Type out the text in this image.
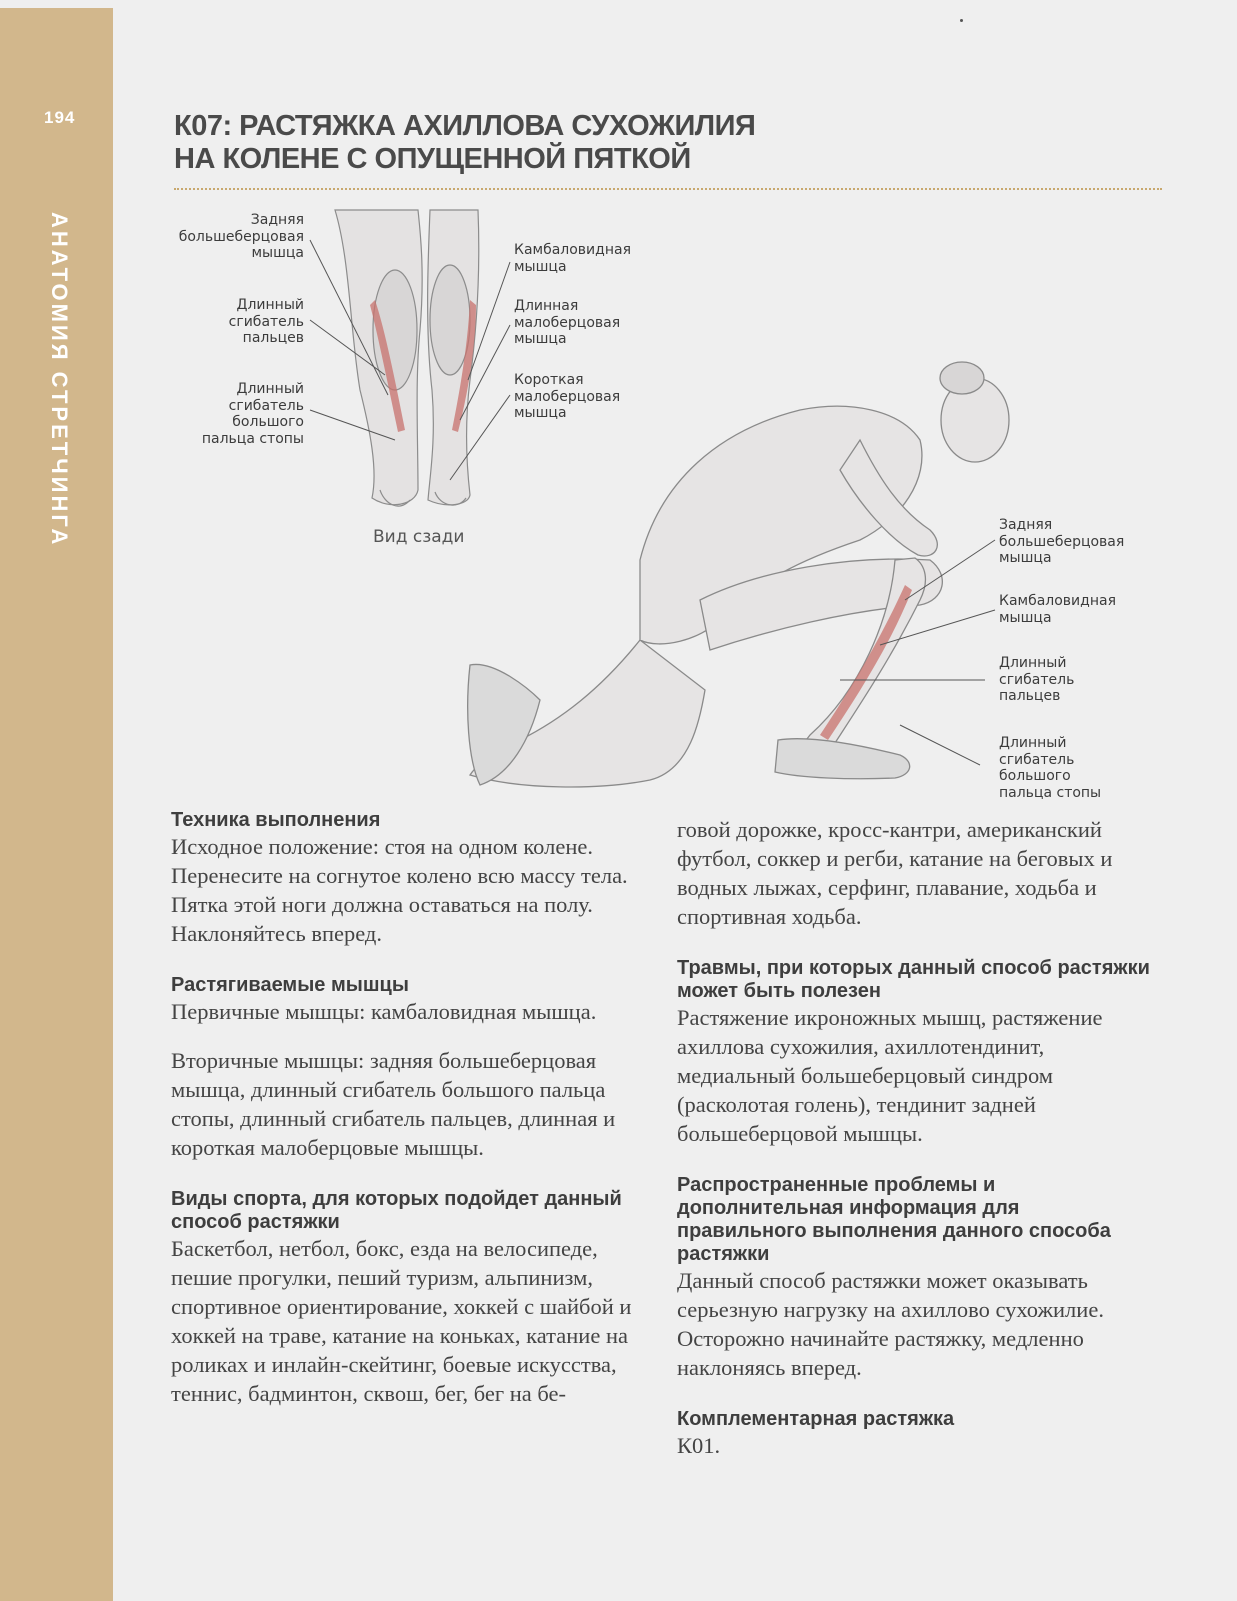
194
АНАТОМИЯ СТРЕТЧИНГА
К07: РАСТЯЖКА АХИЛЛОВА СУХОЖИЛИЯ
НА КОЛЕНЕ С ОПУЩЕННОЙ ПЯТКОЙ
Задняя
большеберцовая
мышца
Длинный
сгибатель
пальцев
Длинный
сгибатель
большого
пальца стопы
Камбаловидная
мышца
Длинная
малоберцовая
мышца
Короткая
малоберцовая
мышца
Вид сзади
Задняя
большеберцовая
мышца
Камбаловидная
мышца
Длинный
сгибатель
пальцев
Длинный
сгибатель
большого
пальца стопы
Техника выполнения

Исходное положение: стоя на одном колене. Перенесите на согнутое колено всю массу тела. Пятка этой ноги должна оставаться на полу. Наклоняйтесь вперед.

Растягиваемые мышцы

Первичные мышцы: камбаловидная мышца.

Вторичные мышцы: задняя большеберцовая мышца, длинный сгибатель большого пальца стопы, длинный сгибатель пальцев, длинная и короткая малоберцовые мышцы.

Виды спорта, для которых подойдет данный способ растяжки

Баскетбол, нетбол, бокс, езда на велосипеде, пешие прогулки, пеший туризм, альпинизм, спортивное ориентирование, хоккей с шайбой и хоккей на траве, катание на коньках, катание на роликах и инлайн-скейтинг, боевые искусства, теннис, бадминтон, сквош, бег, бег на бе-

говой дорожке, кросс-кантри, американский футбол, соккер и регби, катание на беговых и водных лыжах, серфинг, плавание, ходьба и спортивная ходьба.

Травмы, при которых данный способ растяжки может быть полезен

Растяжение икроножных мышц, растяжение ахиллова сухожилия, ахиллотендинит, медиальный большеберцовый синдром (расколотая голень), тендинит задней большеберцовой мышцы.

Распространенные проблемы и дополнительная информация для правильного выполнения данного способа растяжки

Данный способ растяжки может оказывать серьезную нагрузку на ахиллово сухожилие. Осторожно начинайте растяжку, медленно наклоняясь вперед.

Комплементарная растяжка

К01.
